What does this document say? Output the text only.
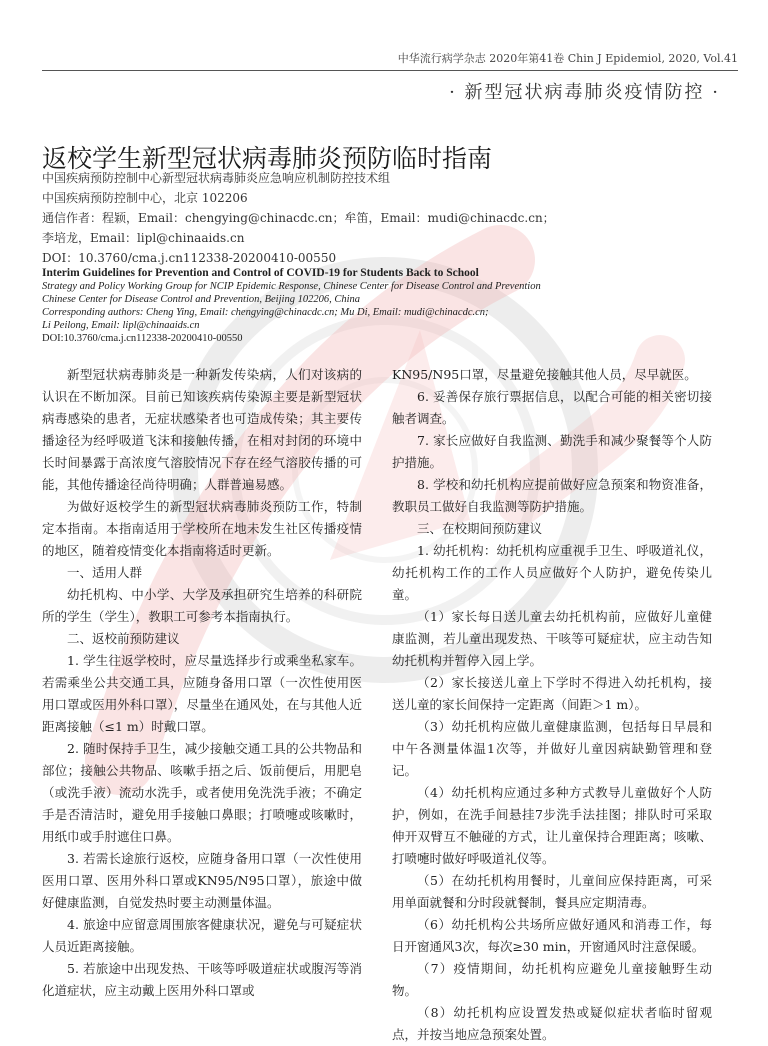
中华流行病学杂志 2020年第41卷 Chin J Epidemiol, 2020, Vol.41
· 新型冠状病毒肺炎疫情防控 ·
返校学生新型冠状病毒肺炎预防临时指南
中国疾病预防控制中心新型冠状病毒肺炎应急响应机制防控技术组
中国疾病预防控制中心，北京 102206
通信作者：程颖，Email：chengying@chinacdc.cn；牟笛，Email：mudi@chinacdc.cn；
李培龙，Email：lipl@chinaaids.cn
DOI：10.3760/cma.j.cn112338-20200410-00550
Interim Guidelines for Prevention and Control of COVID-19 for Students Back to School
Strategy and Policy Working Group for NCIP Epidemic Response, Chinese Center for Disease Control and Prevention
Chinese Center for Disease Control and Prevention, Beijing 102206, China
Corresponding authors: Cheng Ying, Email: chengying@chinacdc.cn; Mu Di, Email: mudi@chinacdc.cn;
Li Peilong, Email: lipl@chinaaids.cn
DOI:10.3760/cma.j.cn112338-20200410-00550

新型冠状病毒肺炎是一种新发传染病，人们对该病的认识在不断加深。目前已知该疾病传染源主要是新型冠状病毒感染的患者，无症状感染者也可造成传染；其主要传播途径为经呼吸道飞沫和接触传播，在相对封闭的环境中长时间暴露于高浓度气溶胶情况下存在经气溶胶传播的可能，其他传播途径尚待明确；人群普遍易感。

为做好返校学生的新型冠状病毒肺炎预防工作，特制定本指南。本指南适用于学校所在地未发生社区传播疫情的地区，随着疫情变化本指南将适时更新。

一、适用人群

幼托机构、中小学、大学及承担研究生培养的科研院所的学生（学生），教职工可参考本指南执行。

二、返校前预防建议

1. 学生往返学校时，应尽量选择步行或乘坐私家车。若需乘坐公共交通工具，应随身备用口罩（一次性使用医用口罩或医用外科口罩），尽量坐在通风处，在与其他人近距离接触（≤1 m）时戴口罩。

2. 随时保持手卫生，减少接触交通工具的公共物品和部位；接触公共物品、咳嗽手捂之后、饭前便后，用肥皂（或洗手液）流动水洗手，或者使用免洗洗手液；不确定手是否清洁时，避免用手接触口鼻眼；打喷嚏或咳嗽时，用纸巾或手肘遮住口鼻。

3. 若需长途旅行返校，应随身备用口罩（一次性使用医用口罩、医用外科口罩或KN95/N95口罩），旅途中做好健康监测，自觉发热时要主动测量体温。

4. 旅途中应留意周围旅客健康状况，避免与可疑症状人员近距离接触。

5. 若旅途中出现发热、干咳等呼吸道症状或腹泻等消化道症状，应主动戴上医用外科口罩或

KN95/N95口罩，尽量避免接触其他人员，尽早就医。

6. 妥善保存旅行票据信息，以配合可能的相关密切接触者调查。

7. 家长应做好自我监测、勤洗手和减少聚餐等个人防护措施。

8. 学校和幼托机构应提前做好应急预案和物资准备，教职员工做好自我监测等防护措施。

三、在校期间预防建议

1. 幼托机构：幼托机构应重视手卫生、呼吸道礼仪，幼托机构工作的工作人员应做好个人防护，避免传染儿童。

（1）家长每日送儿童去幼托机构前，应做好儿童健康监测，若儿童出现发热、干咳等可疑症状，应主动告知幼托机构并暂停入园上学。

（2）家长接送儿童上下学时不得进入幼托机构，接送儿童的家长间保持一定距离（间距＞1 m）。

（3）幼托机构应做儿童健康监测，包括每日早晨和中午各测量体温1次等，并做好儿童因病缺勤管理和登记。

（4）幼托机构应通过多种方式教导儿童做好个人防护，例如，在洗手间悬挂7步洗手法挂图；排队时可采取伸开双臂互不触碰的方式，让儿童保持合理距离；咳嗽、打喷嚏时做好呼吸道礼仪等。

（5）在幼托机构用餐时，儿童间应保持距离，可采用单面就餐和分时段就餐制，餐具应定期清毒。

（6）幼托机构公共场所应做好通风和消毒工作，每日开窗通风3次，每次≥30 min，开窗通风时注意保暖。

（7）疫情期间，幼托机构应避免儿童接触野生动物。

（8）幼托机构应设置发热或疑似症状者临时留观点，并按当地应急预案处置。
